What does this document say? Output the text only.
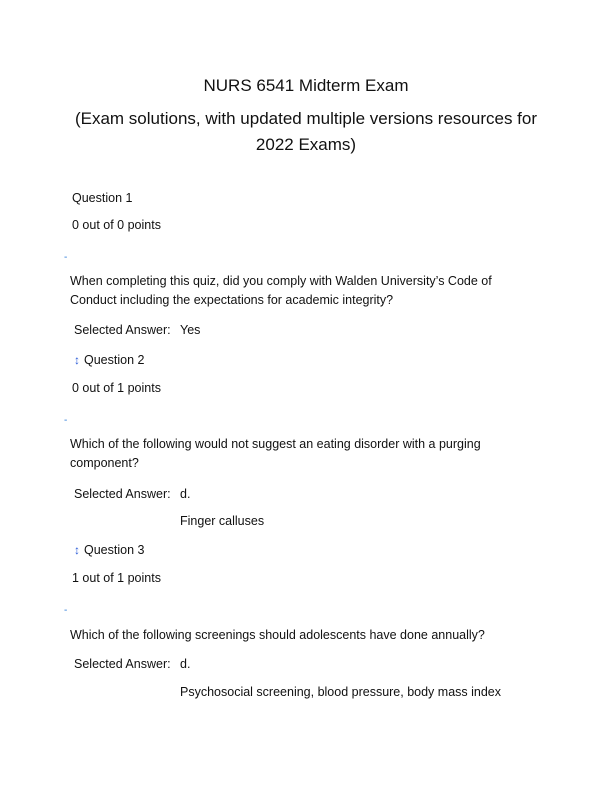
NURS 6541 Midterm Exam
(Exam solutions, with updated multiple versions resources for 2022 Exams)
Question 1
0 out of 0 points
-
When completing this quiz, did you comply with Walden University’s Code of Conduct including the expectations for academic integrity?
Selected Answer: Yes
↕ Question 2
0 out of 1 points
-
Which of the following would not suggest an eating disorder with a purging component?
Selected Answer: d.
Finger calluses
↕ Question 3
1 out of 1 points
-
Which of the following screenings should adolescents have done annually?
Selected Answer: d.
Psychosocial screening, blood pressure, body mass index
